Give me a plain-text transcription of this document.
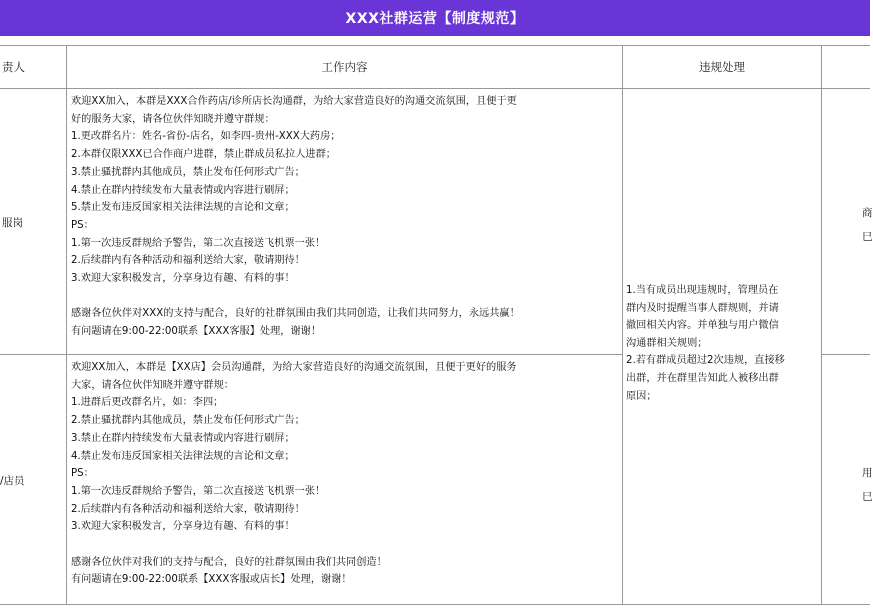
XXX社群运营【制度规范】
责人	工作内容	违规处理
服岗
欢迎XX加入，本群是XXX合作药店/诊所店长沟通群，为给大家营造良好的沟通交流氛围，且便于更
好的服务大家，请各位伙伴知晓并遵守群规：
1.更改群名片：姓名-省份-店名，如李四-贵州-XXX大药房；
2.本群仅限XXX已合作商户进群，禁止群成员私拉人进群；
3.禁止骚扰群内其他成员，禁止发布任何形式广告；
4.禁止在群内持续发布大量表情或内容进行刷屏；
5.禁止发布违反国家相关法律法规的言论和文章；
PS：
1.第一次违反群规给予警告，第二次直接送飞机票一张！
2.后续群内有各种活动和福利送给大家，敬请期待！
3.欢迎大家积极发言，分享身边有趣、有料的事！

感谢各位伙伴对XXX的支持与配合，良好的社群氛围由我们共同创造，让我们共同努力，永远共赢！
有问题请在9:00-22:00联系【XXX客服】处理，谢谢！
商
巳
1.当有成员出现违规时，管理员在
群内及时提醒当事人群规则，并请
撤回相关内容。并单独与用户微信
沟通群相关规则；
2.若有群成员超过2次违规，直接移
出群，并在群里告知此人被移出群
原因；
/店员
欢迎XX加入，本群是【XX店】会员沟通群，为给大家营造良好的沟通交流氛围，且便于更好的服务
大家，请各位伙伴知晓并遵守群规：
1.进群后更改群名片，如：李四；
2.禁止骚扰群内其他成员，禁止发布任何形式广告；
3.禁止在群内持续发布大量表情或内容进行刷屏；
4.禁止发布违反国家相关法律法规的言论和文章；
PS：
1.第一次违反群规给予警告，第二次直接送飞机票一张！
2.后续群内有各种活动和福利送给大家，敬请期待！
3.欢迎大家积极发言，分享身边有趣、有料的事！

感谢各位伙伴对我们的支持与配合，良好的社群氛围由我们共同创造！
有问题请在9:00-22:00联系【XXX客服或店长】处理，谢谢！
用
巳
